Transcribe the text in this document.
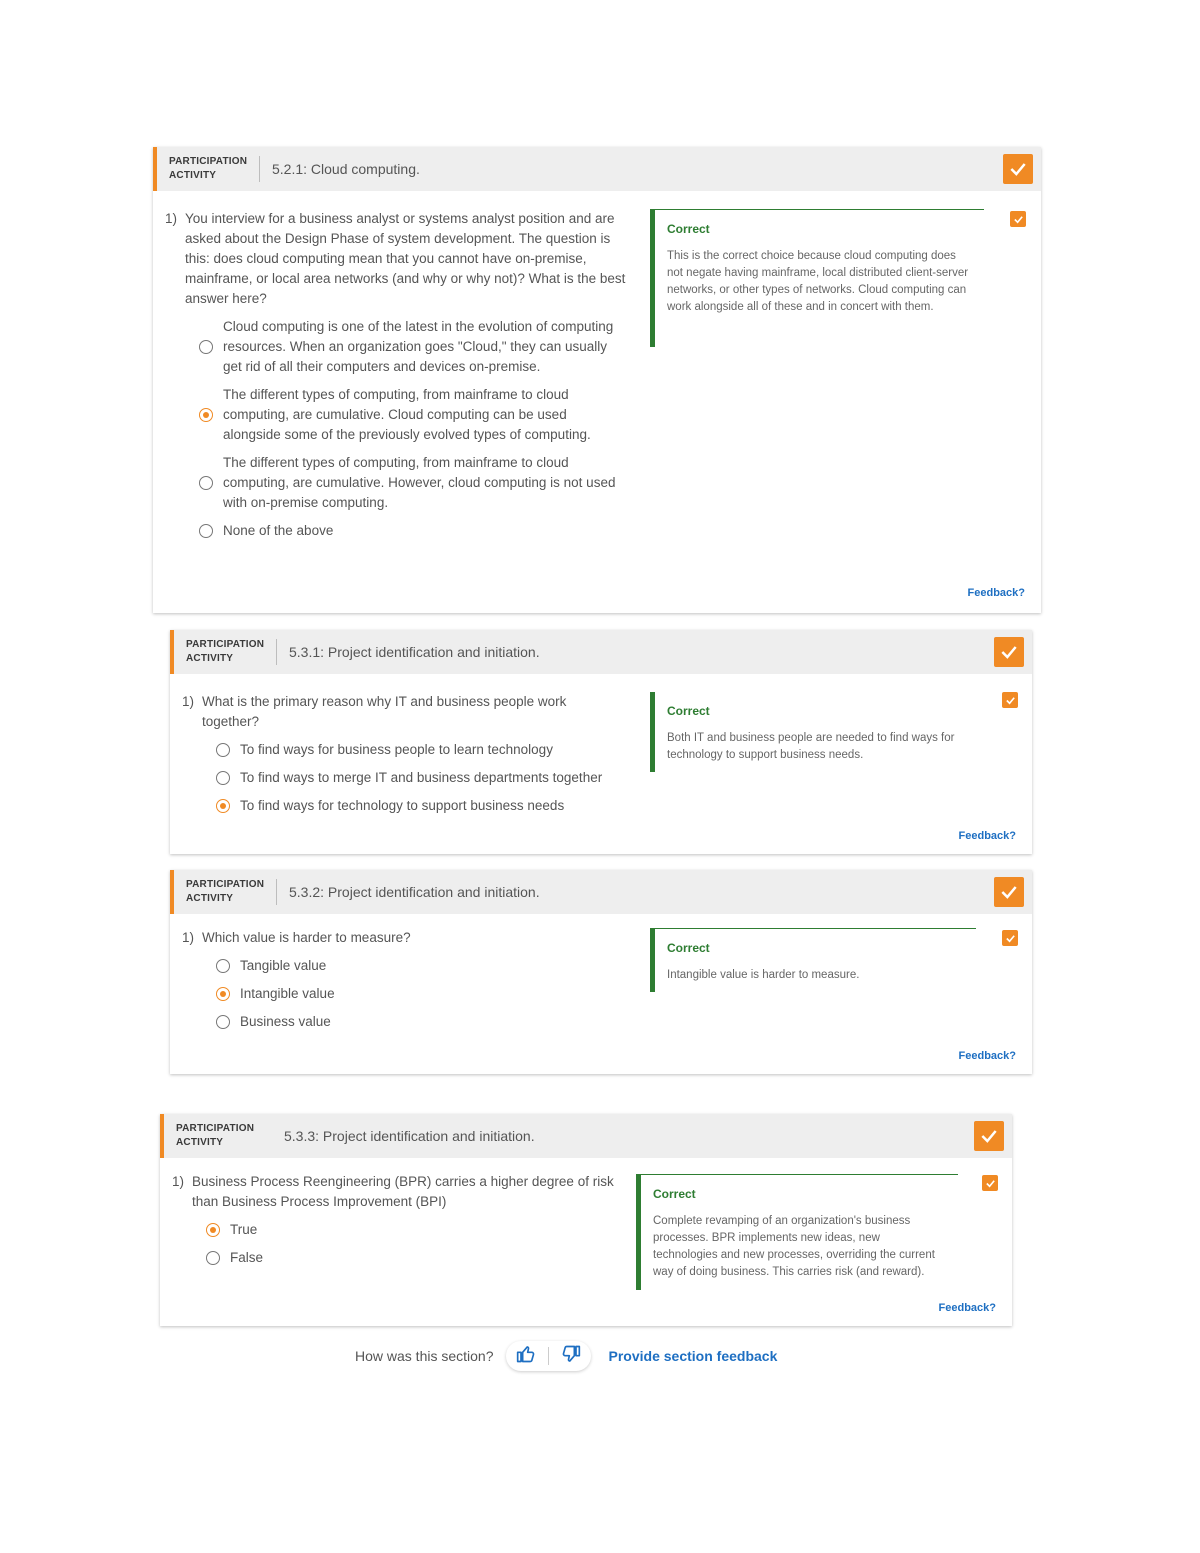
PARTICIPATION
ACTIVITY	5.2.1: Cloud computing.
1) You interview for a business analyst or systems analyst position and are asked about the Design Phase of system development. The question is this: does cloud computing mean that you cannot have on-premise, mainframe, or local area networks (and why or why not)? What is the best answer here?
Cloud computing is one of the latest in the evolution of computing resources. When an organization goes "Cloud," they can usually get rid of all their computers and devices on-premise.
The different types of computing, from mainframe to cloud computing, are cumulative. Cloud computing can be used alongside some of the previously evolved types of computing.
The different types of computing, from mainframe to cloud computing, are cumulative. However, cloud computing is not used with on-premise computing.
None of the above
Correct
This is the correct choice because cloud computing does not negate having mainframe, local distributed client-server networks, or other types of networks. Cloud computing can work alongside all of these and in concert with them.
Feedback?
PARTICIPATION
ACTIVITY	5.3.1: Project identification and initiation.
1) What is the primary reason why IT and business people work together?
To find ways for business people to learn technology
To find ways to merge IT and business departments together
To find ways for technology to support business needs
Correct
Both IT and business people are needed to find ways for technology to support business needs.
Feedback?
PARTICIPATION
ACTIVITY	5.3.2: Project identification and initiation.
1) Which value is harder to measure?
Tangible value
Intangible value
Business value
Correct
Intangible value is harder to measure.
Feedback?
PARTICIPATION
ACTIVITY	5.3.3: Project identification and initiation.
1) Business Process Reengineering (BPR) carries a higher degree of risk than Business Process Improvement (BPI)
True
False
Correct
Complete revamping of an organization's business processes. BPR implements new ideas, new technologies and new processes, overriding the current way of doing business. This carries risk (and reward).
Feedback?
How was this section?	Provide section feedback
